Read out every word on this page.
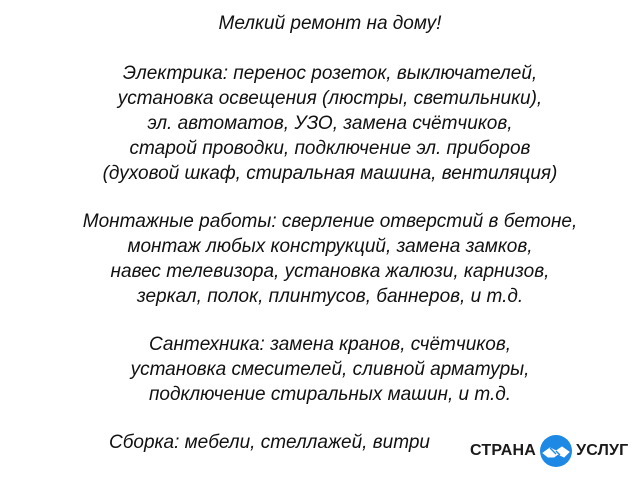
Мелкий ремонт на дому!
Электрика: перенос розеток, выключателей,
установка освещения (люстры, светильники),
эл. автоматов, УЗО, замена счётчиков,
старой проводки, подключение эл. приборов
(духовой шкаф, стиральная машина, вентиляция)
Монтажные работы: сверление отверстий в бетоне,
монтаж любых конструкций, замена замков,
навес телевизора, установка жалюзи, карнизов,
зеркал, полок, плинтусов, баннеров, и т.д.
Сантехника: замена кранов, счётчиков,
установка смесителей, сливной арматуры,
подключение стиральных машин, и т.д.
Сборка: мебели, стеллажей, витри	СТРАНА	УСЛУГ
